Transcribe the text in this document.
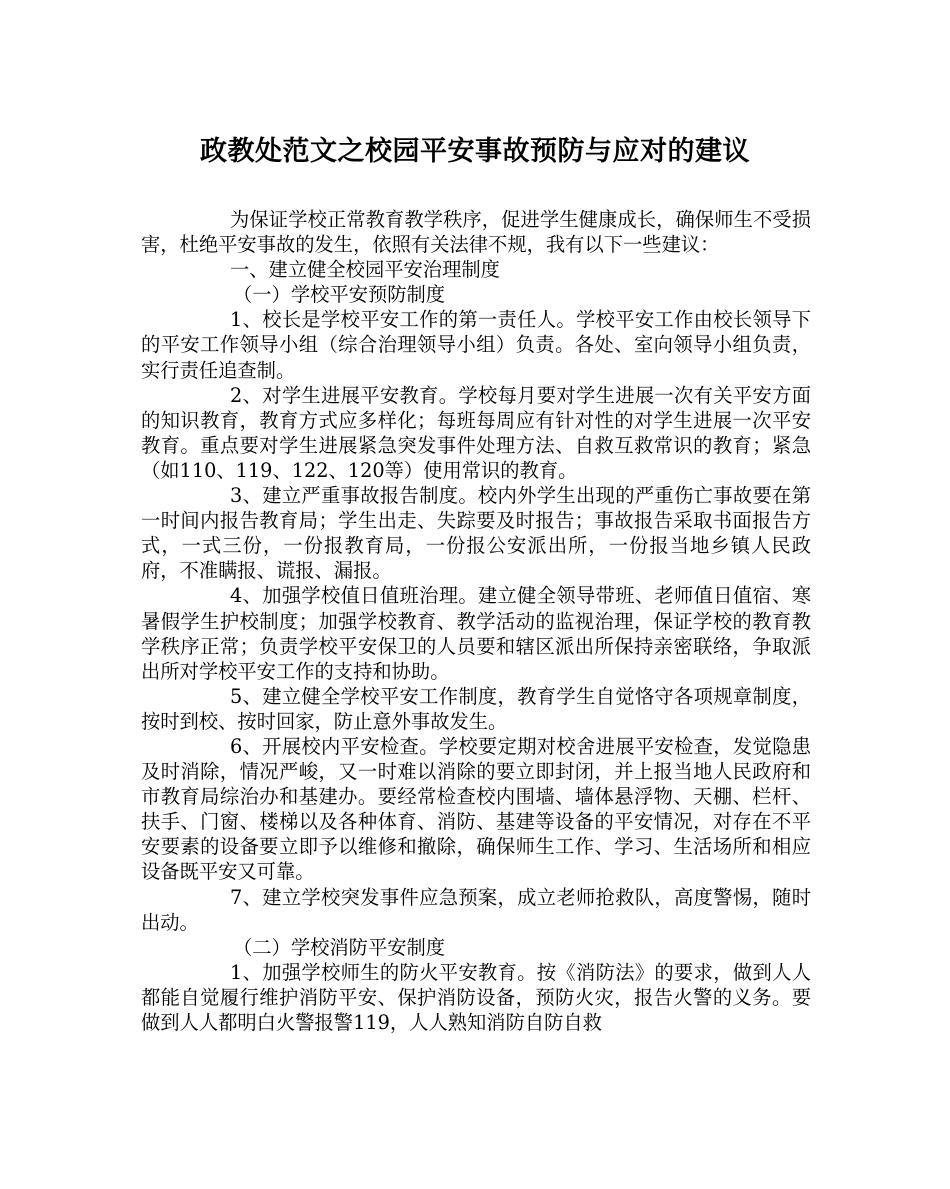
政教处范文之校园平安事故预防与应对的建议

为保证学校正常教育教学秩序，促进学生健康成长，确保师生不受损害，杜绝平安事故的发生，依照有关法律不规，我有以下一些建议：

一、建立健全校园平安治理制度

（一）学校平安预防制度

1、校长是学校平安工作的第一责任人。学校平安工作由校长领导下的平安工作领导小组（综合治理领导小组）负责。各处、室向领导小组负责，实行责任追查制。

2、对学生进展平安教育。学校每月要对学生进展一次有关平安方面的知识教育，教育方式应多样化；每班每周应有针对性的对学生进展一次平安教育。重点要对学生进展紧急突发事件处理方法、自救互救常识的教育；紧急（如110、119、122、120等）使用常识的教育。

3、建立严重事故报告制度。校内外学生出现的严重伤亡事故要在第一时间内报告教育局；学生出走、失踪要及时报告；事故报告采取书面报告方式，一式三份，一份报教育局，一份报公安派出所，一份报当地乡镇人民政府，不准瞒报、谎报、漏报。

4、加强学校值日值班治理。建立健全领导带班、老师值日值宿、寒暑假学生护校制度；加强学校教育、教学活动的监视治理，保证学校的教育教学秩序正常；负责学校平安保卫的人员要和辖区派出所保持亲密联络，争取派出所对学校平安工作的支持和协助。

5、建立健全学校平安工作制度，教育学生自觉恪守各项规章制度，按时到校、按时回家，防止意外事故发生。

6、开展校内平安检查。学校要定期对校舍进展平安检查，发觉隐患及时消除，情况严峻，又一时难以消除的要立即封闭，并上报当地人民政府和市教育局综治办和基建办。要经常检查校内围墙、墙体悬浮物、天棚、栏杆、扶手、门窗、楼梯以及各种体育、消防、基建等设备的平安情况，对存在不平安要素的设备要立即予以维修和撤除，确保师生工作、学习、生活场所和相应设备既平安又可靠。

7、建立学校突发事件应急预案，成立老师抢救队，高度警惕，随时出动。

（二）学校消防平安制度

1、加强学校师生的防火平安教育。按《消防法》的要求，做到人人都能自觉履行维护消防平安、保护消防设备，预防火灾，报告火警的义务。要做到人人都明白火警报警119，人人熟知消防自防自救
